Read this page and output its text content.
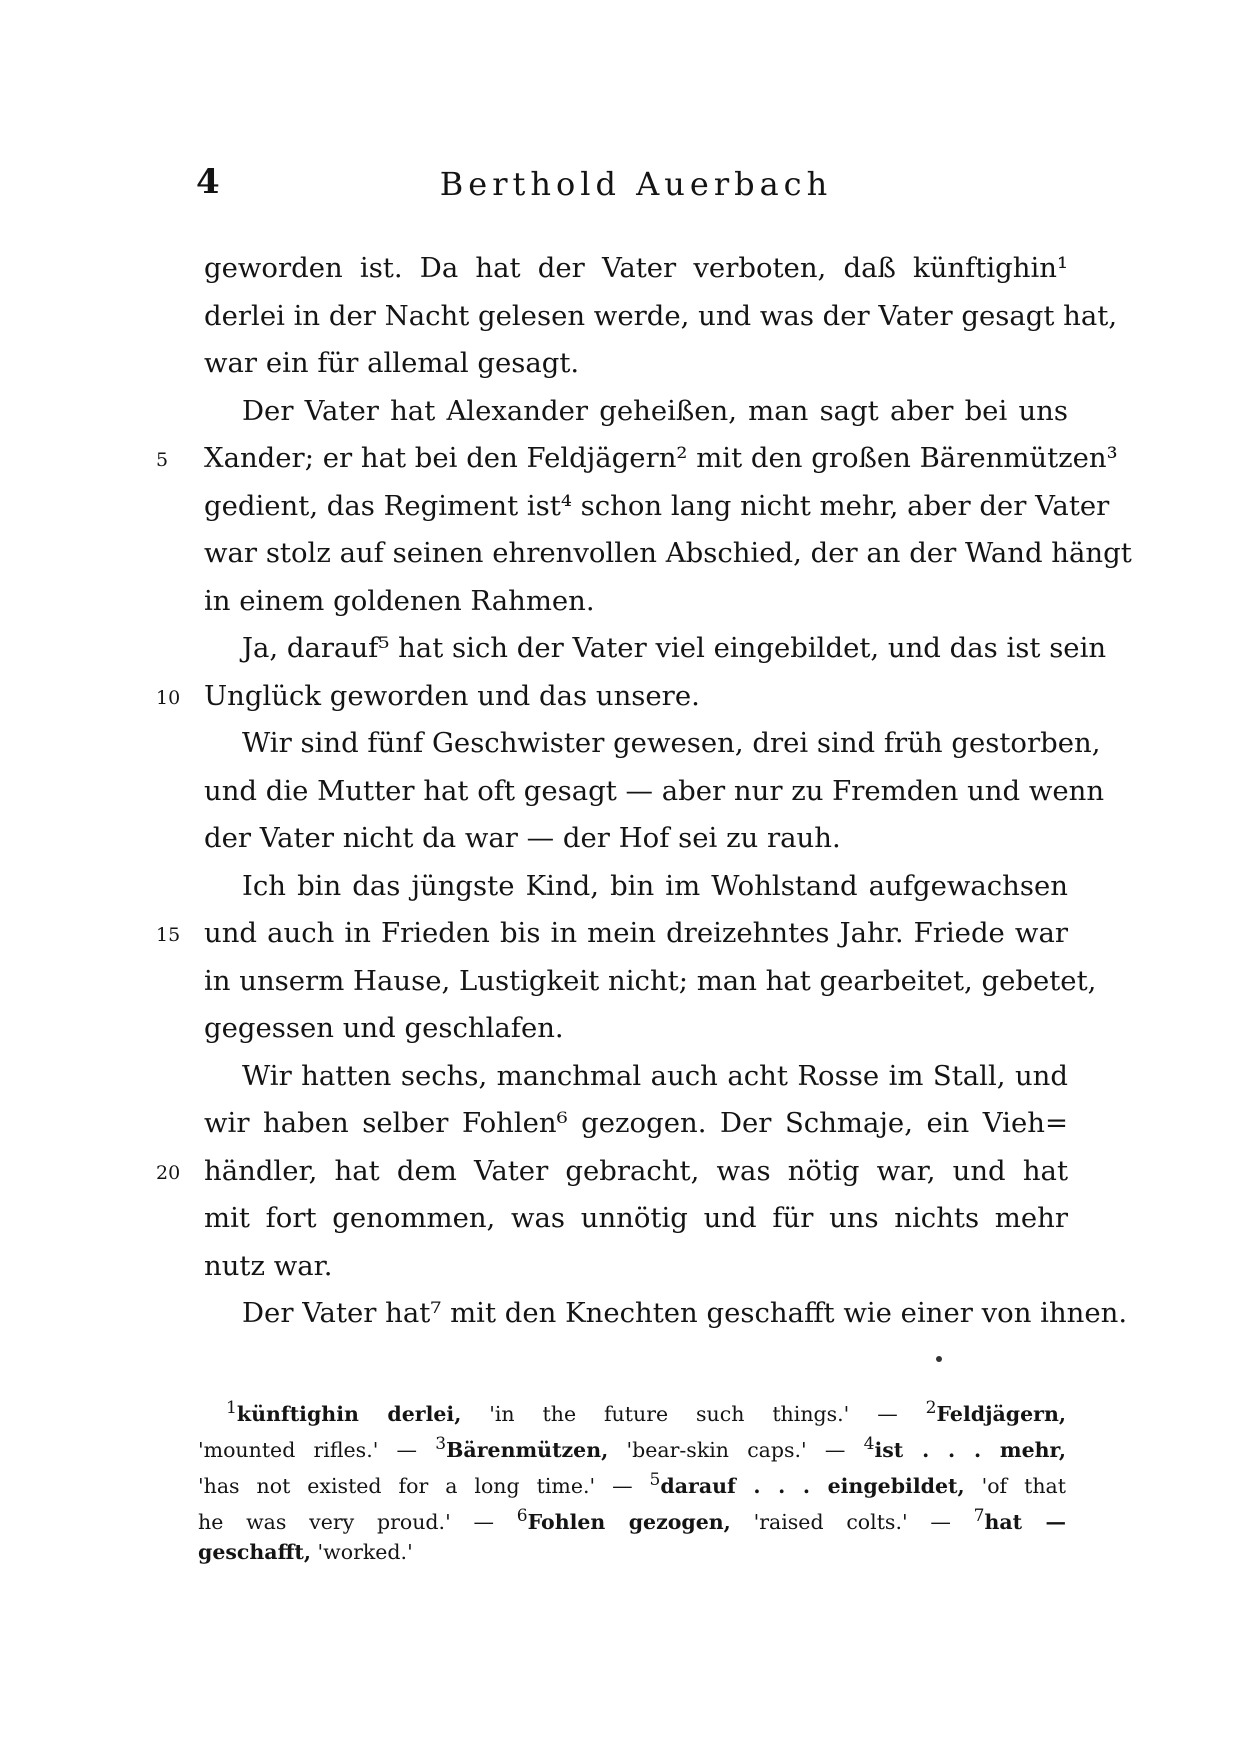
4	Berthold Auerbach
geworden ist. Da hat der Vater verboten, daß künftighin¹
derlei in der Nacht gelesen werde, und was der Vater gesagt hat,
war ein für allemal gesagt.
Der Vater hat Alexander geheißen, man sagt aber bei uns
5	Xander; er hat bei den Feldjägern² mit den großen Bärenmützen³
gedient, das Regiment ist⁴ schon lang nicht mehr, aber der Vater
war stolz auf seinen ehrenvollen Abschied, der an der Wand hängt
in einem goldenen Rahmen.
Ja, darauf⁵ hat sich der Vater viel eingebildet, und das ist sein
10 Unglück geworden und das unsere.
Wir sind fünf Geschwister gewesen, drei sind früh gestorben,
und die Mutter hat oft gesagt — aber nur zu Fremden und wenn
der Vater nicht da war — der Hof sei zu rauh.
Ich bin das jüngste Kind, bin im Wohlstand aufgewachsen
15 und auch in Frieden bis in mein dreizehntes Jahr. Friede war
in unserm Hause, Lustigkeit nicht; man hat gearbeitet, gebetet,
gegessen und geschlafen.
Wir hatten sechs, manchmal auch acht Rosse im Stall, und
wir haben selber Fohlen⁶ gezogen. Der Schmaje, ein Vieh=
20 händler, hat dem Vater gebracht, was nötig war, und hat
mit fort genommen, was unnötig und für uns nichts mehr
nutz war.
Der Vater hat⁷ mit den Knechten geschafft wie einer von ihnen.
$^1$künftighin derlei, 'in the future such things.' — $^2$Feldjägern,
'mounted rifles.' — $^3$Bärenmützen, 'bear-skin caps.' — $^4$ist . . . mehr,
'has not existed for a long time.' — $^5$darauf . . . eingebildet, 'of that
he was very proud.' — $^6$Fohlen gezogen, 'raised colts.' — $^7$hat —
geschafft, 'worked.'
